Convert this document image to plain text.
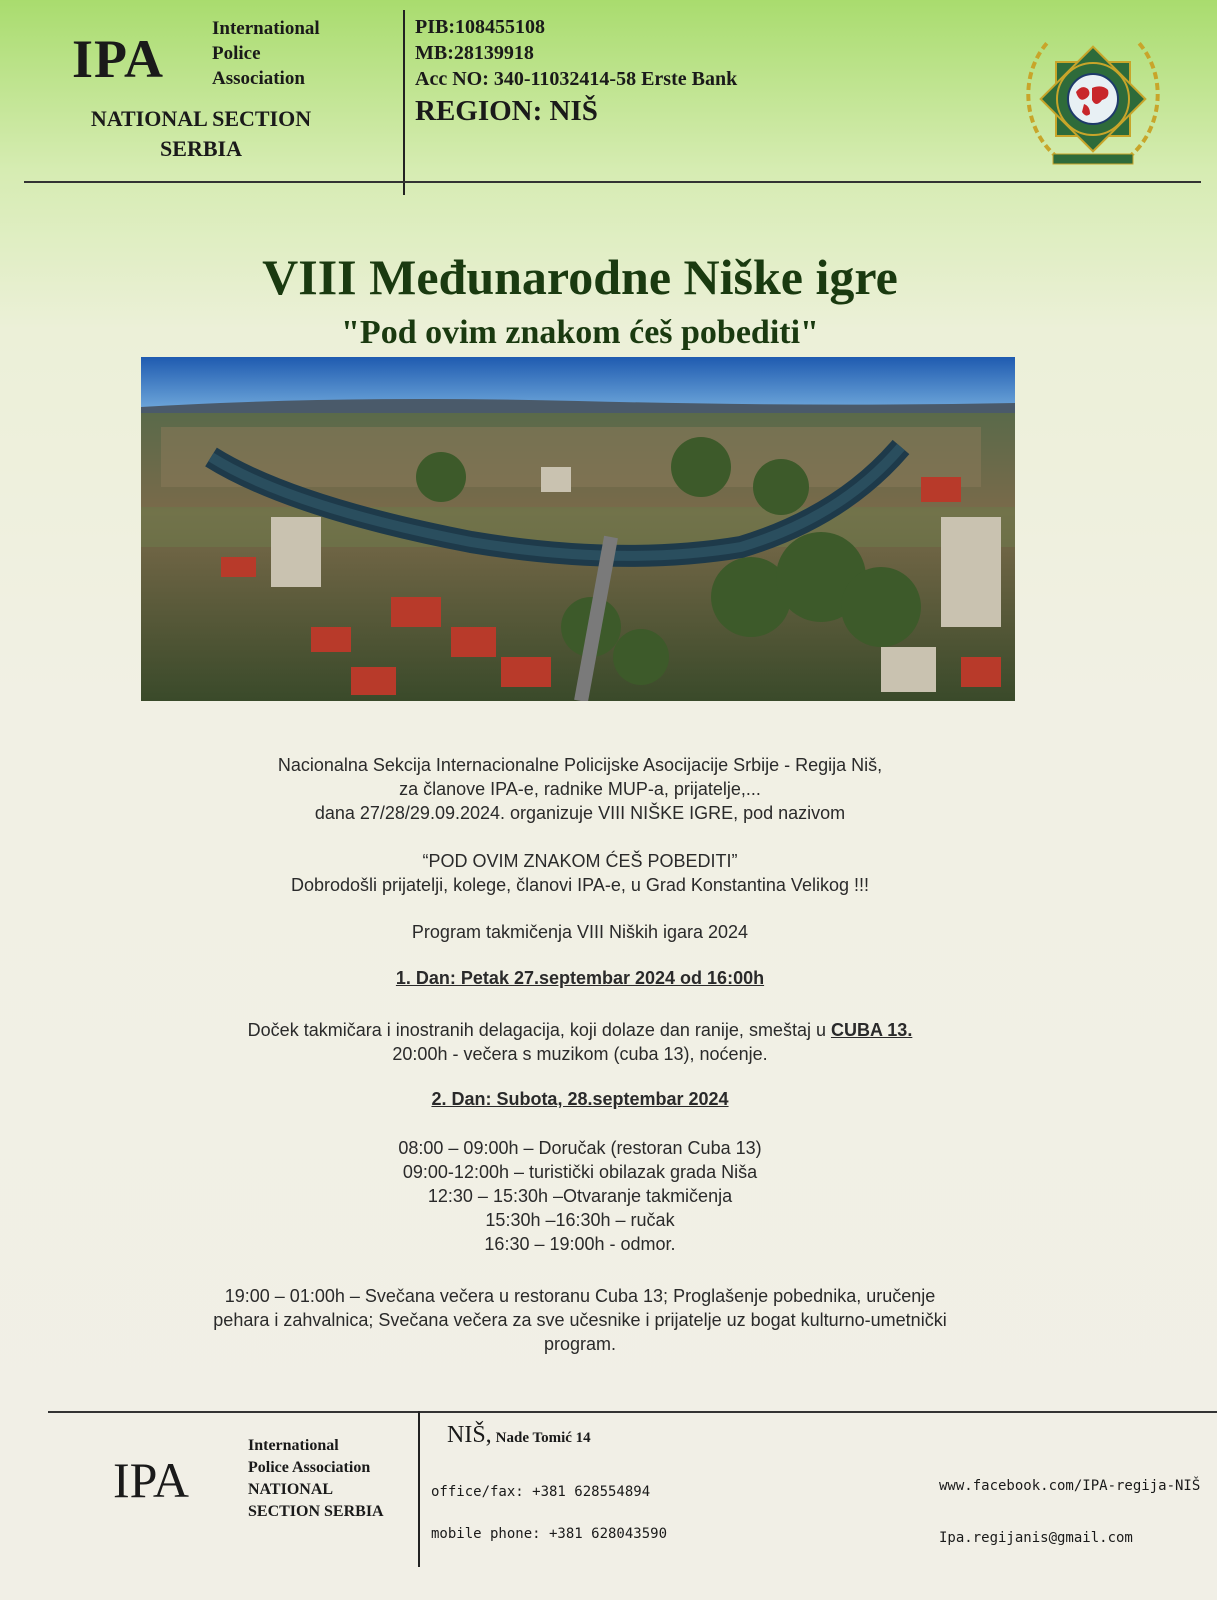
IPA
International
Police
Association
NATIONAL SECTION
SERBIA
PIB:108455108
MB:28139918
Acc NO: 340-11032414-58 Erste Bank
REGION: NIŠ
VIII Međunarodne Niške igre
"Pod ovim znakom ćeš pobediti"
Nacionalna Sekcija Internacionalne Policijske Asocijacije Srbije - Regija Niš,
za članove IPA-e, radnike MUP-a, prijatelje,...
dana 27/28/29.09.2024. organizuje VIII NIŠKE IGRE, pod nazivom
“POD OVIM ZNAKOM ĆEŠ POBEDITI”
Dobrodošli prijatelji, kolege, članovi IPA-e, u Grad Konstantina Velikog !!!
Program takmičenja VIII Niških igara 2024
1. Dan: Petak 27.septembar 2024 od 16:00h
Doček takmičara i inostranih delagacija, koji dolaze dan ranije, smeštaj u CUBA 13.
20:00h - večera s muzikom (cuba 13), noćenje.
2. Dan: Subota, 28.septembar 2024
08:00 – 09:00h – Doručak (restoran Cuba 13)
09:00-12:00h – turistički obilazak grada Niša
12:30 – 15:30h –Otvaranje takmičenja
15:30h –16:30h – ručak
16:30 – 19:00h - odmor.
19:00 – 01:00h – Svečana večera u restoranu Cuba 13; Proglašenje pobednika, uručenje
pehara i zahvalnica; Svečana večera za sve učesnike i prijatelje uz bogat kulturno-umetnički
program.
IPA
International
Police Association
NATIONAL
SECTION SERBIA
NIŠ, Nade Tomić 14
office/fax: +381 628554894
mobile phone: +381 628043590
www.facebook.com/IPA-regija-NIŠ
Ipa.regijanis@gmail.com
